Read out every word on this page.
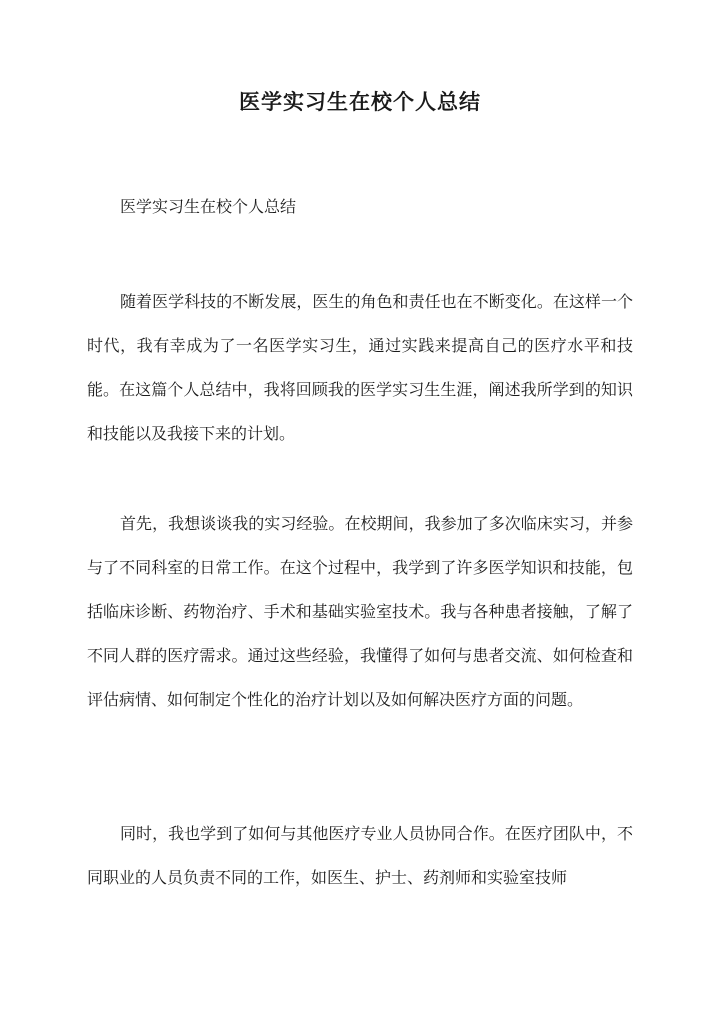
医学实习生在校个人总结

医学实习生在校个人总结

随着医学科技的不断发展，医生的角色和责任也在不断变化。在这样一个时代，我有幸成为了一名医学实习生，通过实践来提高自己的医疗水平和技能。在这篇个人总结中，我将回顾我的医学实习生生涯，阐述我所学到的知识和技能以及我接下来的计划。

首先，我想谈谈我的实习经验。在校期间，我参加了多次临床实习，并参与了不同科室的日常工作。在这个过程中，我学到了许多医学知识和技能，包括临床诊断、药物治疗、手术和基础实验室技术。我与各种患者接触，了解了不同人群的医疗需求。通过这些经验，我懂得了如何与患者交流、如何检查和评估病情、如何制定个性化的治疗计划以及如何解决医疗方面的问题。

同时，我也学到了如何与其他医疗专业人员协同合作。在医疗团队中，不同职业的人员负责不同的工作，如医生、护士、药剂师和实验室技师
